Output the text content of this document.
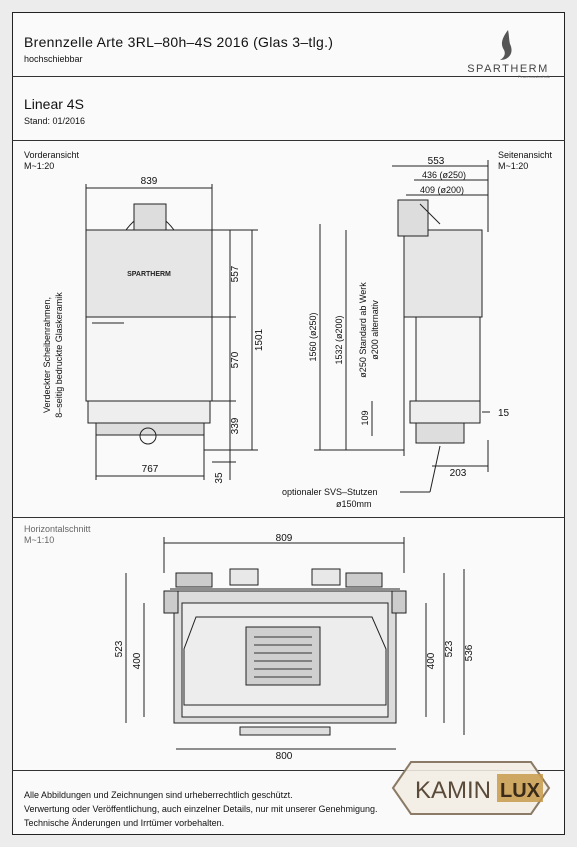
Brennzelle Arte 3RL–80h–4S 2016 (Glas 3–tlg.)
hochschiebbar
Linear 4S
Stand: 01/2016
SPARTHERM
Feuerungstechnik
Vorderansicht
M~1:20
Seitenansicht
M~1:20
SPARTHERM
839
767
557
570
339
1501
35
Verdeckter Scheibenrahmen, 8–seitig bedruckte Glaskeramik
553
436 (ø250)
409 (ø200)
1560 (ø250) 1532 (ø200)
109	15
203
ø250 Standard ab Werk ø200 alternativ
optionaler SVS–Stutzen
ø150mm
Horizontalschnitt
M~1:10	809
800
523
400	400
523 536
Alle Abbildungen und Zeichnungen sind urheberrechtlich geschützt.
Verwertung oder Veröffentlichung, auch einzelner Details, nur mit unserer Genehmigung.
Technische Änderungen und Irrtümer vorbehalten.
KAMIN LUX
